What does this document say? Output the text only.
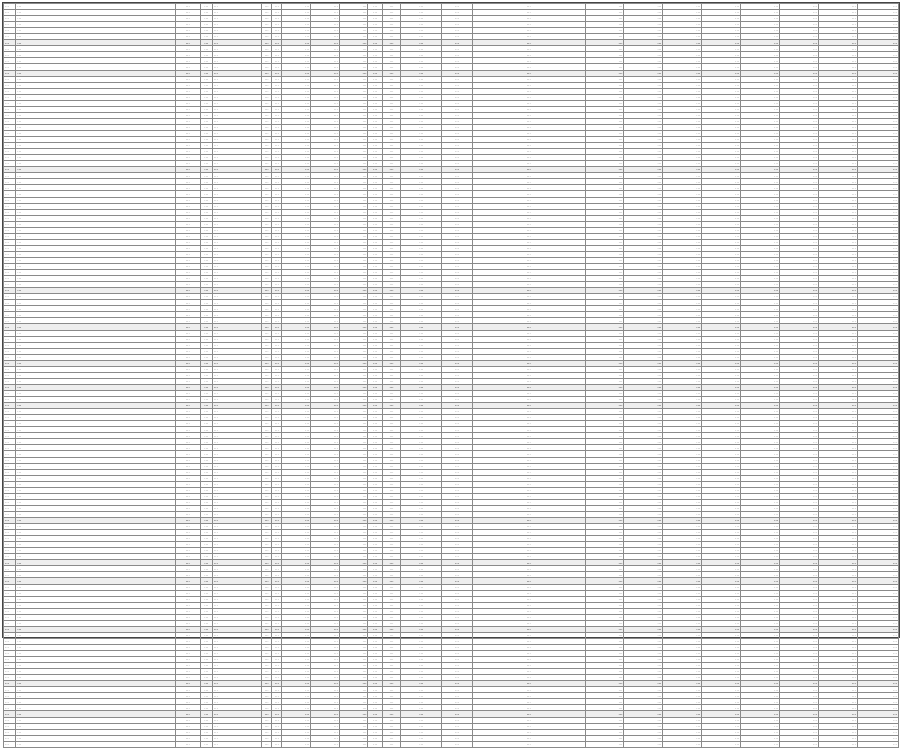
…	…	…	…	…	…	…	…	…	…	…	…	…	…	…	…	…	…	…	…	…	…	…
…	…	…	…	…	…	…	…	…	…	…	…	…	…	…	…	…	…	…	…	…	…	…
…	…	…	…	…	…	…	…	…	…	…	…	…	…	…	…	…	…	…	…	…	…	…
…	…	…	…	…	…	…	…	…	…	…	…	…	…	…	…	…	…	…	…	…	…	…
…	…	…	…	…	…	…	…	…	…	…	…	…	…	…	…	…	…	…	…	…	…	…
…	…	…	…	…	…	…	…	…	…	…	…	…	…	…	…	…	…	…	…	…	…	…
…	…	…	…	…	…	…	…	…	…	…	…	…	…	…	…	…	…	…	…	…	…	…
…	…	…	…	…	…	…	…	…	…	…	…	…	…	…	…	…	…	…	…	…	…	…
…	…	…	…	…	…	…	…	…	…	…	…	…	…	…	…	…	…	…	…	…	…	…
…	…	…	…	…	…	…	…	…	…	…	…	…	…	…	…	…	…	…	…	…	…	…
…	…	…	…	…	…	…	…	…	…	…	…	…	…	…	…	…	…	…	…	…	…	…
…	…	…	…	…	…	…	…	…	…	…	…	…	…	…	…	…	…	…	…	…	…	…
…	…	…	…	…	…	…	…	…	…	…	…	…	…	…	…	…	…	…	…	…	…	…
…	…	…	…	…	…	…	…	…	…	…	…	…	…	…	…	…	…	…	…	…	…	…
…	…	…	…	…	…	…	…	…	…	…	…	…	…	…	…	…	…	…	…	…	…	…
…	…	…	…	…	…	…	…	…	…	…	…	…	…	…	…	…	…	…	…	…	…	…
…	…	…	…	…	…	…	…	…	…	…	…	…	…	…	…	…	…	…	…	…	…	…
…	…	…	…	…	…	…	…	…	…	…	…	…	…	…	…	…	…	…	…	…	…	…
…	…	…	…	…	…	…	…	…	…	…	…	…	…	…	…	…	…	…	…	…	…	…
…	…	…	…	…	…	…	…	…	…	…	…	…	…	…	…	…	…	…	…	…	…	…
…	…	…	…	…	…	…	…	…	…	…	…	…	…	…	…	…	…	…	…	…	…	…
…	…	…	…	…	…	…	…	…	…	…	…	…	…	…	…	…	…	…	…	…	…	…
…	…	…	…	…	…	…	…	…	…	…	…	…	…	…	…	…	…	…	…	…	…	…
…	…	…	…	…	…	…	…	…	…	…	…	…	…	…	…	…	…	…	…	…	…	…
…	…	…	…	…	…	…	…	…	…	…	…	…	…	…	…	…	…	…	…	…	…	…
…	…	…	…	…	…	…	…	…	…	…	…	…	…	…	…	…	…	…	…	…	…	…
…	…	…	…	…	…	…	…	…	…	…	…	…	…	…	…	…	…	…	…	…	…	…
…	…	…	…	…	…	…	…	…	…	…	…	…	…	…	…	…	…	…	…	…	…	…
…	…	…	…	…	…	…	…	…	…	…	…	…	…	…	…	…	…	…	…	…	…	…
…	…	…	…	…	…	…	…	…	…	…	…	…	…	…	…	…	…	…	…	…	…	…
…	…	…	…	…	…	…	…	…	…	…	…	…	…	…	…	…	…	…	…	…	…	…
…	…	…	…	…	…	…	…	…	…	…	…	…	…	…	…	…	…	…	…	…	…	…
…	…	…	…	…	…	…	…	…	…	…	…	…	…	…	…	…	…	…	…	…	…	…
…	…	…	…	…	…	…	…	…	…	…	…	…	…	…	…	…	…	…	…	…	…	…
…	…	…	…	…	…	…	…	…	…	…	…	…	…	…	…	…	…	…	…	…	…	…
…	…	…	…	…	…	…	…	…	…	…	…	…	…	…	…	…	…	…	…	…	…	…
…	…	…	…	…	…	…	…	…	…	…	…	…	…	…	…	…	…	…	…	…	…	…
…	…	…	…	…	…	…	…	…	…	…	…	…	…	…	…	…	…	…	…	…	…	…
…	…	…	…	…	…	…	…	…	…	…	…	…	…	…	…	…	…	…	…	…	…	…
…	…	…	…	…	…	…	…	…	…	…	…	…	…	…	…	…	…	…	…	…	…	…
…	…	…	…	…	…	…	…	…	…	…	…	…	…	…	…	…	…	…	…	…	…	…
…	…	…	…	…	…	…	…	…	…	…	…	…	…	…	…	…	…	…	…	…	…	…
…	…	…	…	…	…	…	…	…	…	…	…	…	…	…	…	…	…	…	…	…	…	…
…	…	…	…	…	…	…	…	…	…	…	…	…	…	…	…	…	…	…	…	…	…	…
…	…	…	…	…	…	…	…	…	…	…	…	…	…	…	…	…	…	…	…	…	…	…
…	…	…	…	…	…	…	…	…	…	…	…	…	…	…	…	…	…	…	…	…	…	…
…	…	…	…	…	…	…	…	…	…	…	…	…	…	…	…	…	…	…	…	…	…	…
…	…	…	…	…	…	…	…	…	…	…	…	…	…	…	…	…	…	…	…	…	…	…
…	…	…	…	…	…	…	…	…	…	…	…	…	…	…	…	…	…	…	…	…	…	…
…	…	…	…	…	…	…	…	…	…	…	…	…	…	…	…	…	…	…	…	…	…	…
…	…	…	…	…	…	…	…	…	…	…	…	…	…	…	…	…	…	…	…	…	…	…
…	…	…	…	…	…	…	…	…	…	…	…	…	…	…	…	…	…	…	…	…	…	…
…	…	…	…	…	…	…	…	…	…	…	…	…	…	…	…	…	…	…	…	…	…	…
…	…	…	…	…	…	…	…	…	…	…	…	…	…	…	…	…	…	…	…	…	…	…
…	…	…	…	…	…	…	…	…	…	…	…	…	…	…	…	…	…	…	…	…	…	…
…	…	…	…	…	…	…	…	…	…	…	…	…	…	…	…	…	…	…	…	…	…	…
…	…	…	…	…	…	…	…	…	…	…	…	…	…	…	…	…	…	…	…	…	…	…
…	…	…	…	…	…	…	…	…	…	…	…	…	…	…	…	…	…	…	…	…	…	…
…	…	…	…	…	…	…	…	…	…	…	…	…	…	…	…	…	…	…	…	…	…	…
…	…	…	…	…	…	…	…	…	…	…	…	…	…	…	…	…	…	…	…	…	…	…
…	…	…	…	…	…	…	…	…	…	…	…	…	…	…	…	…	…	…	…	…	…	…
…	…	…	…	…	…	…	…	…	…	…	…	…	…	…	…	…	…	…	…	…	…	…
…	…	…	…	…	…	…	…	…	…	…	…	…	…	…	…	…	…	…	…	…	…	…
…	…	…	…	…	…	…	…	…	…	…	…	…	…	…	…	…	…	…	…	…	…	…
…	…	…	…	…	…	…	…	…	…	…	…	…	…	…	…	…	…	…	…	…	…	…
…	…	…	…	…	…	…	…	…	…	…	…	…	…	…	…	…	…	…	…	…	…	…
…	…	…	…	…	…	…	…	…	…	…	…	…	…	…	…	…	…	…	…	…	…	…
…	…	…	…	…	…	…	…	…	…	…	…	…	…	…	…	…	…	…	…	…	…	…
…	…	…	…	…	…	…	…	…	…	…	…	…	…	…	…	…	…	…	…	…	…	…
…	…	…	…	…	…	…	…	…	…	…	…	…	…	…	…	…	…	…	…	…	…	…
…	…	…	…	…	…	…	…	…	…	…	…	…	…	…	…	…	…	…	…	…	…	…
…	…	…	…	…	…	…	…	…	…	…	…	…	…	…	…	…	…	…	…	…	…	…
…	…	…	…	…	…	…	…	…	…	…	…	…	…	…	…	…	…	…	…	…	…	…
…	…	…	…	…	…	…	…	…	…	…	…	…	…	…	…	…	…	…	…	…	…	…
…	…	…	…	…	…	…	…	…	…	…	…	…	…	…	…	…	…	…	…	…	…	…
…	…	…	…	…	…	…	…	…	…	…	…	…	…	…	…	…	…	…	…	…	…	…
…	…	…	…	…	…	…	…	…	…	…	…	…	…	…	…	…	…	…	…	…	…	…
…	…	…	…	…	…	…	…	…	…	…	…	…	…	…	…	…	…	…	…	…	…	…
…	…	…	…	…	…	…	…	…	…	…	…	…	…	…	…	…	…	…	…	…	…	…
…	…	…	…	…	…	…	…	…	…	…	…	…	…	…	…	…	…	…	…	…	…	…
…	…	…	…	…	…	…	…	…	…	…	…	…	…	…	…	…	…	…	…	…	…	…
…	…	…	…	…	…	…	…	…	…	…	…	…	…	…	…	…	…	…	…	…	…	…
…	…	…	…	…	…	…	…	…	…	…	…	…	…	…	…	…	…	…	…	…	…	…
…	…	…	…	…	…	…	…	…	…	…	…	…	…	…	…	…	…	…	…	…	…	…
…	…	…	…	…	…	…	…	…	…	…	…	…	…	…	…	…	…	…	…	…	…	…
…	…	…	…	…	…	…	…	…	…	…	…	…	…	…	…	…	…	…	…	…	…	…
…	…	…	…	…	…	…	…	…	…	…	…	…	…	…	…	…	…	…	…	…	…	…
…	…	…	…	…	…	…	…	…	…	…	…	…	…	…	…	…	…	…	…	…	…	…
…	…	…	…	…	…	…	…	…	…	…	…	…	…	…	…	…	…	…	…	…	…	…
…	…	…	…	…	…	…	…	…	…	…	…	…	…	…	…	…	…	…	…	…	…	…
…	…	…	…	…	…	…	…	…	…	…	…	…	…	…	…	…	…	…	…	…	…	…
…	…	…	…	…	…	…	…	…	…	…	…	…	…	…	…	…	…	…	…	…	…	…
…	…	…	…	…	…	…	…	…	…	…	…	…	…	…	…	…	…	…	…	…	…	…
…	…	…	…	…	…	…	…	…	…	…	…	…	…	…	…	…	…	…	…	…	…	…
…	…	…	…	…	…	…	…	…	…	…	…	…	…	…	…	…	…	…	…	…	…	…
…	…	…	…	…	…	…	…	…	…	…	…	…	…	…	…	…	…	…	…	…	…	…
…	…	…	…	…	…	…	…	…	…	…	…	…	…	…	…	…	…	…	…	…	…	…
…	…	…	…	…	…	…	…	…	…	…	…	…	…	…	…	…	…	…	…	…	…	…
…	…	…	…	…	…	…	…	…	…	…	…	…	…	…	…	…	…	…	…	…	…	…
…	…	…	…	…	…	…	…	…	…	…	…	…	…	…	…	…	…	…	…	…	…	…
…	…	…	…	…	…	…	…	…	…	…	…	…	…	…	…	…	…	…	…	…	…	…
…	…	…	…	…	…	…	…	…	…	…	…	…	…	…	…	…	…	…	…	…	…	…
…	…	…	…	…	…	…	…	…	…	…	…	…	…	…	…	…	…	…	…	…	…	…
…	…	…	…	…	…	…	…	…	…	…	…	…	…	…	…	…	…	…	…	…	…	…
…	…	…	…	…	…	…	…	…	…	…	…	…	…	…	…	…	…	…	…	…	…	…
…	…	…	…	…	…	…	…	…	…	…	…	…	…	…	…	…	…	…	…	…	…	…
…	…	…	…	…	…	…	…	…	…	…	…	…	…	…	…	…	…	…	…	…	…	…
…	…	…	…	…	…	…	…	…	…	…	…	…	…	…	…	…	…	…	…	…	…	…
…	…	…	…	…	…	…	…	…	…	…	…	…	…	…	…	…	…	…	…	…	…	…
…	…	…	…	…	…	…	…	…	…	…	…	…	…	…	…	…	…	…	…	…	…	…
…	…	…	…	…	…	…	…	…	…	…	…	…	…	…	…	…	…	…	…	…	…	…
…	…	…	…	…	…	…	…	…	…	…	…	…	…	…	…	…	…	…	…	…	…	…
…	…	…	…	…	…	…	…	…	…	…	…	…	…	…	…	…	…	…	…	…	…	…
…	…	…	…	…	…	…	…	…	…	…	…	…	…	…	…	…	…	…	…	…	…	…
…	…	…	…	…	…	…	…	…	…	…	…	…	…	…	…	…	…	…	…	…	…	…
…	…	…	…	…	…	…	…	…	…	…	…	…	…	…	…	…	…	…	…	…	…	…
…	…	…	…	…	…	…	…	…	…	…	…	…	…	…	…	…	…	…	…	…	…	…
…	…	…	…	…	…	…	…	…	…	…	…	…	…	…	…	…	…	…	…	…	…	…
…	…	…	…	…	…	…	…	…	…	…	…	…	…	…	…	…	…	…	…	…	…	…
…	…	…	…	…	…	…	…	…	…	…	…	…	…	…	…	…	…	…	…	…	…	…
…	…	…	…	…	…	…	…	…	…	…	…	…	…	…	…	…	…	…	…	…	…	…
…	…	…	…	…	…	…	…	…	…	…	…	…	…	…	…	…	…	…	…	…	…	…
…	…	…	…	…	…	…	…	…	…	…	…	…	…	…	…	…	…	…	…	…	…	…
